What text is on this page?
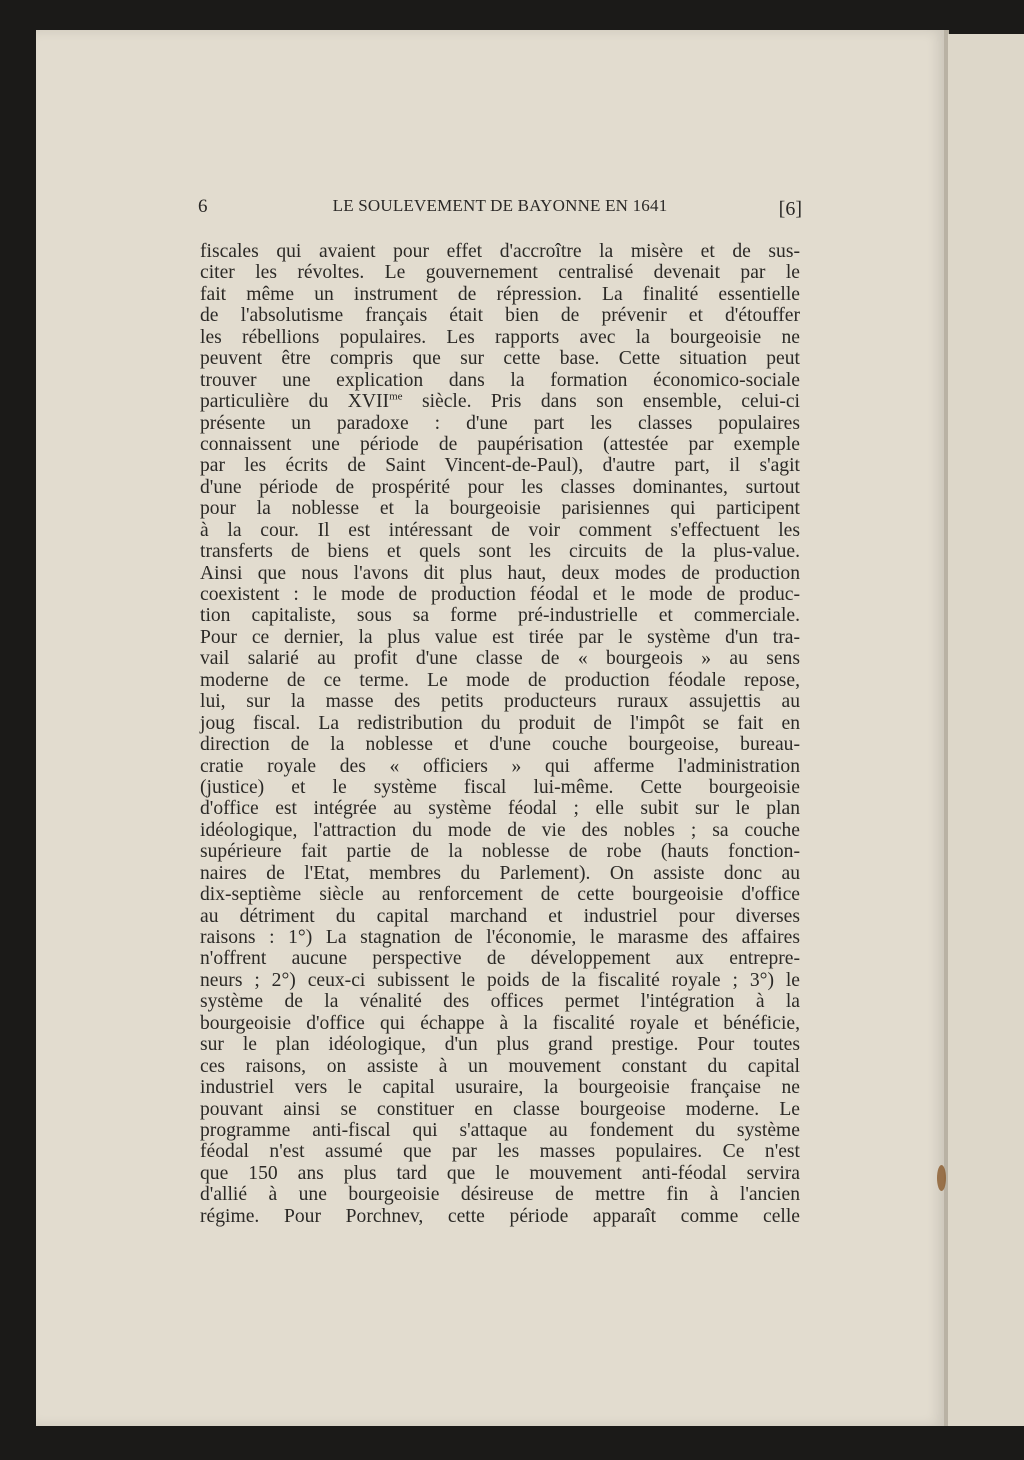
6	LE SOULEVEMENT DE BAYONNE EN 1641	[6]
fiscales qui avaient pour effet d'accroître la misère et de sus-
citer les révoltes. Le gouvernement centralisé devenait par le
fait même un instrument de répression. La finalité essentielle
de l'absolutisme français était bien de prévenir et d'étouffer
les rébellions populaires. Les rapports avec la bourgeoisie ne
peuvent être compris que sur cette base. Cette situation peut
trouver une explication dans la formation économico-sociale
particulière du $XVII^{me}$ siècle. Pris dans son ensemble, celui-ci
présente un paradoxe : d'une part les classes populaires
connaissent une période de paupérisation (attestée par exemple
par les écrits de Saint Vincent-de-Paul), d'autre part, il s'agit
d'une période de prospérité pour les classes dominantes, surtout
pour la noblesse et la bourgeoisie parisiennes qui participent
à la cour. Il est intéressant de voir comment s'effectuent les
transferts de biens et quels sont les circuits de la plus-value.
Ainsi que nous l'avons dit plus haut, deux modes de production
coexistent : le mode de production féodal et le mode de produc-
tion capitaliste, sous sa forme pré-industrielle et commerciale.
Pour ce dernier, la plus value est tirée par le système d'un tra-
vail salarié au profit d'une classe de « bourgeois » au sens
moderne de ce terme. Le mode de production féodale repose,
lui, sur la masse des petits producteurs ruraux assujettis au
joug fiscal. La redistribution du produit de l'impôt se fait en
direction de la noblesse et d'une couche bourgeoise, bureau-
cratie royale des « officiers » qui afferme l'administration
(justice) et le système fiscal lui-même. Cette bourgeoisie
d'office est intégrée au système féodal ; elle subit sur le plan
idéologique, l'attraction du mode de vie des nobles ; sa couche
supérieure fait partie de la noblesse de robe (hauts fonction-
naires de l'Etat, membres du Parlement). On assiste donc au
dix-septième siècle au renforcement de cette bourgeoisie d'office
au détriment du capital marchand et industriel pour diverses
raisons : 1°) La stagnation de l'économie, le marasme des affaires
n'offrent aucune perspective de développement aux entrepre-
neurs ; 2°) ceux-ci subissent le poids de la fiscalité royale ; 3°) le
système de la vénalité des offices permet l'intégration à la
bourgeoisie d'office qui échappe à la fiscalité royale et bénéficie,
sur le plan idéologique, d'un plus grand prestige. Pour toutes
ces raisons, on assiste à un mouvement constant du capital
industriel vers le capital usuraire, la bourgeoisie française ne
pouvant ainsi se constituer en classe bourgeoise moderne. Le
programme anti-fiscal qui s'attaque au fondement du système
féodal n'est assumé que par les masses populaires. Ce n'est
que 150 ans plus tard que le mouvement anti-féodal servira
d'allié à une bourgeoisie désireuse de mettre fin à l'ancien
régime. Pour Porchnev, cette période apparaît comme celle
